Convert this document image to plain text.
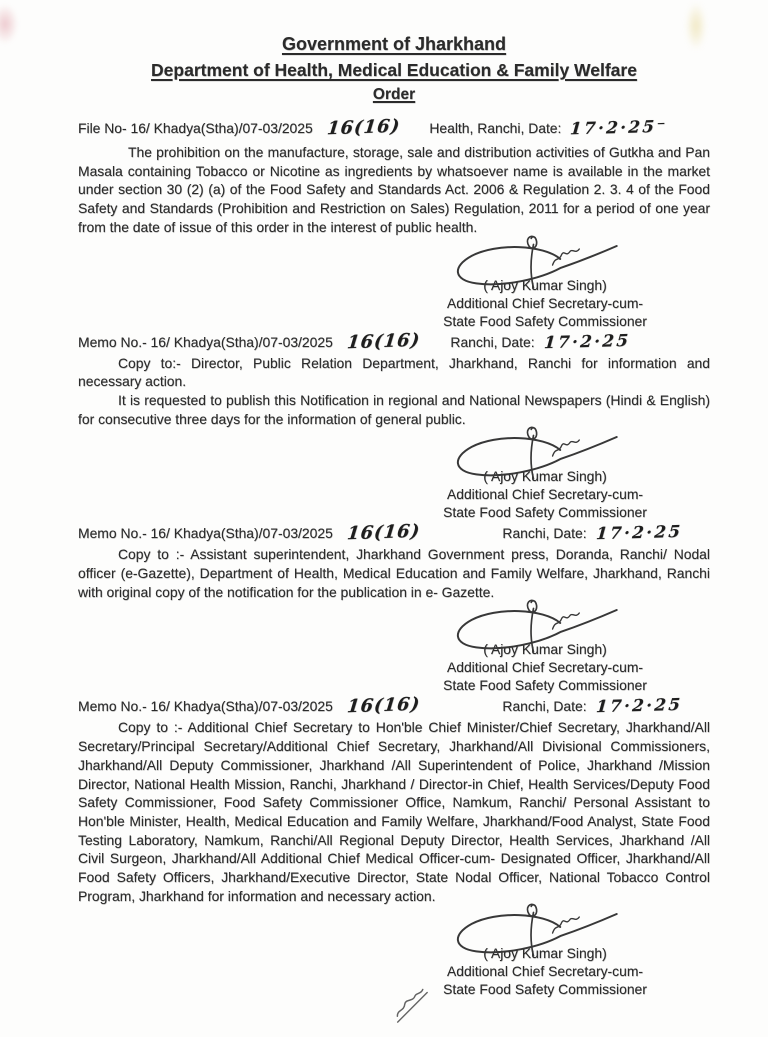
Government of Jharkhand
Department of Health, Medical Education & Family Welfare
Order
File No- 16/ Khadya(Stha)/07-03/2025 16(16) Health, Ranchi, Date: 17·2·25⁻

The prohibition on the manufacture, storage, sale and distribution activities of Gutkha and Pan Masala containing Tobacco or Nicotine as ingredients by whatsoever name is available in the market under section 30 (2) (a) of the Food Safety and Standards Act. 2006 & Regulation 2. 3. 4 of the Food Safety and Standards (Prohibition and Restriction on Sales) Regulation, 2011 for a period of one year from the date of issue of this order in the interest of public health.

( Ajoy Kumar Singh)
Additional Chief Secretary-cum-
State Food Safety Commissioner
Memo No.- 16/ Khadya(Stha)/07-03/2025 16(16) Ranchi, Date: 17·2·25

Copy to:- Director, Public Relation Department, Jharkhand, Ranchi for information and necessary action.

It is requested to publish this Notification in regional and National Newspapers (Hindi & English) for consecutive three days for the information of general public.

( Ajoy Kumar Singh)
Additional Chief Secretary-cum-
State Food Safety Commissioner
Memo No.- 16/ Khadya(Stha)/07-03/2025 16(16)	Ranchi, Date: 17·2·25

Copy to :- Assistant superintendent, Jharkhand Government press, Doranda, Ranchi/ Nodal officer (e-Gazette), Department of Health, Medical Education and Family Welfare, Jharkhand, Ranchi with original copy of the notification for the publication in e- Gazette.

( Ajoy Kumar Singh)
Additional Chief Secretary-cum-
State Food Safety Commissioner
Memo No.- 16/ Khadya(Stha)/07-03/2025 16(16)	Ranchi, Date: 17·2·25

Copy to :- Additional Chief Secretary to Hon'ble Chief Minister/Chief Secretary, Jharkhand/All Secretary/Principal Secretary/Additional Chief Secretary, Jharkhand/All Divisional Commissioners, Jharkhand/All Deputy Commissioner, Jharkhand /All Superintendent of Police, Jharkhand /Mission Director, National Health Mission, Ranchi, Jharkhand / Director-in Chief, Health Services/Deputy Food Safety Commissioner, Food Safety Commissioner Office, Namkum, Ranchi/ Personal Assistant to Hon'ble Minister, Health, Medical Education and Family Welfare, Jharkhand/Food Analyst, State Food Testing Laboratory, Namkum, Ranchi/All Regional Deputy Director, Health Services, Jharkhand /All Civil Surgeon, Jharkhand/All Additional Chief Medical Officer-cum- Designated Officer, Jharkhand/All Food Safety Officers, Jharkhand/Executive Director, State Nodal Officer, National Tobacco Control Program, Jharkhand for information and necessary action.

( Ajoy Kumar Singh)
Additional Chief Secretary-cum-
State Food Safety Commissioner
